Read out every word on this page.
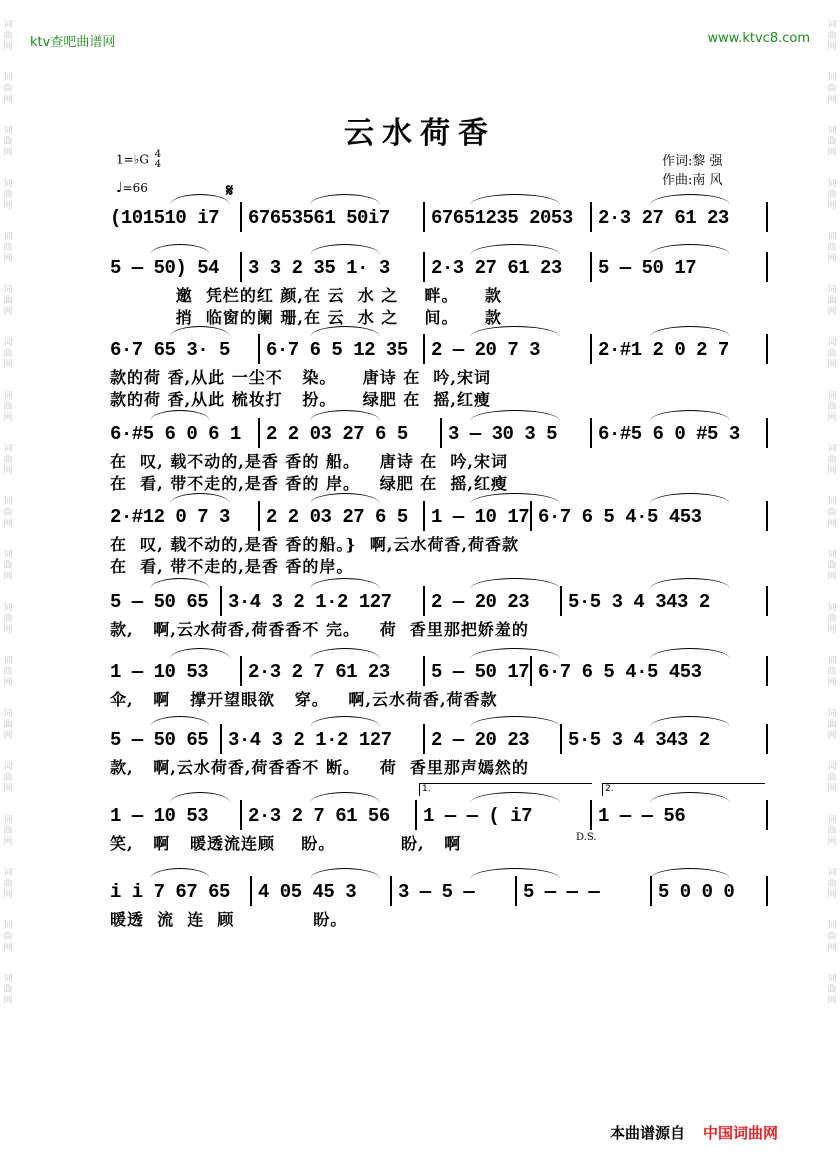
词
曲
网
词
曲
网
词
曲
网
词
曲
网
词
曲
网
词
曲
网
词
曲
网
词
曲
网
词
曲
网
词
曲
网
词
曲
网
词
曲
网
词
曲
网
词
曲
网
词
曲
网
词
曲
网
词
曲
网
词
曲
网
词
曲
网
词
曲
网
词
曲
网
词
曲
网
词
曲
网
词
曲
网
词
曲
网
词
曲
网
词
曲
网
词
曲
网
词
曲
网
词
曲
网
词
曲
网
词
曲
网
词
曲
网
词
曲
网
词
曲
网
词
曲
网
词
曲
网
词
曲
网
ktv查吧曲谱网	www.ktvc8.com
云水荷香
1=♭G 4
4
♩=66
作词:黎 强
作曲:南 风
𝄋
(101510 i7 67653561 50i7 67651235 2053 2·3 27 61 23
5 — 50) 54 3 3 2 35 1· 3 2·3 27 61 23 5 — 50 17
邀  凭栏的红 颜,在 云  水 之    畔。    款
捎  临窗的阑 珊,在 云  水 之    间。    款
6·7 65 3· 5 6·7 6 5 12 35 2 — 20 7 3	2·#1 2 0 2 7
款的荷 香,从此 一尘不   染。    唐诗 在  吟,宋词
款的荷 香,从此 梳妆打   扮。    绿肥 在  摇,红瘦
6·#5 6 0 6 1 2 2 03 27 6 5 3 — 30 3 5 6·#5 6 0 #5 3
在  叹, 载不动的,是香 香的 船。   唐诗 在  吟,宋词
在  看, 带不走的,是香 香的 岸。   绿肥 在  摇,红瘦
2·#12 0 7 3 2 2 03 27 6 5 1 — 10 17 6·7 6 5 4·5 453
在  叹, 载不动的,是香 香的船。}  啊,云水荷香,荷香款
在  看, 带不走的,是香 香的岸。
5 — 50 65 3·4 3 2 1·2 127 2 — 20 23 5·5 3 4 343 2
款,   啊,云水荷香,荷香香不 完。   荷  香里那把娇羞的
1 — 10 53 2·3 2 7 61 23 5 — 50 17 6·7 6 5 4·5 453
伞,   啊   撑开望眼欲   穿。   啊,云水荷香,荷香款
5 — 50 65 3·4 3 2 1·2 127 2 — 20 23 5·5 3 4 343 2
款,   啊,云水荷香,荷香香不 断。   荷  香里那声嫣然的
1 — 10 53 2·3 2 7 61 56 1 — — ( i7	1 — — 56
笑,   啊   暖透流连顾    盼。          盼,   啊
i i 7 67 65 4 05 45 3 3 — 5 —	5 — — —	5 0 0 0
暖透  流  连  顾            盼。
1.	2.
D.S.
本曲谱源自 中国词曲网
